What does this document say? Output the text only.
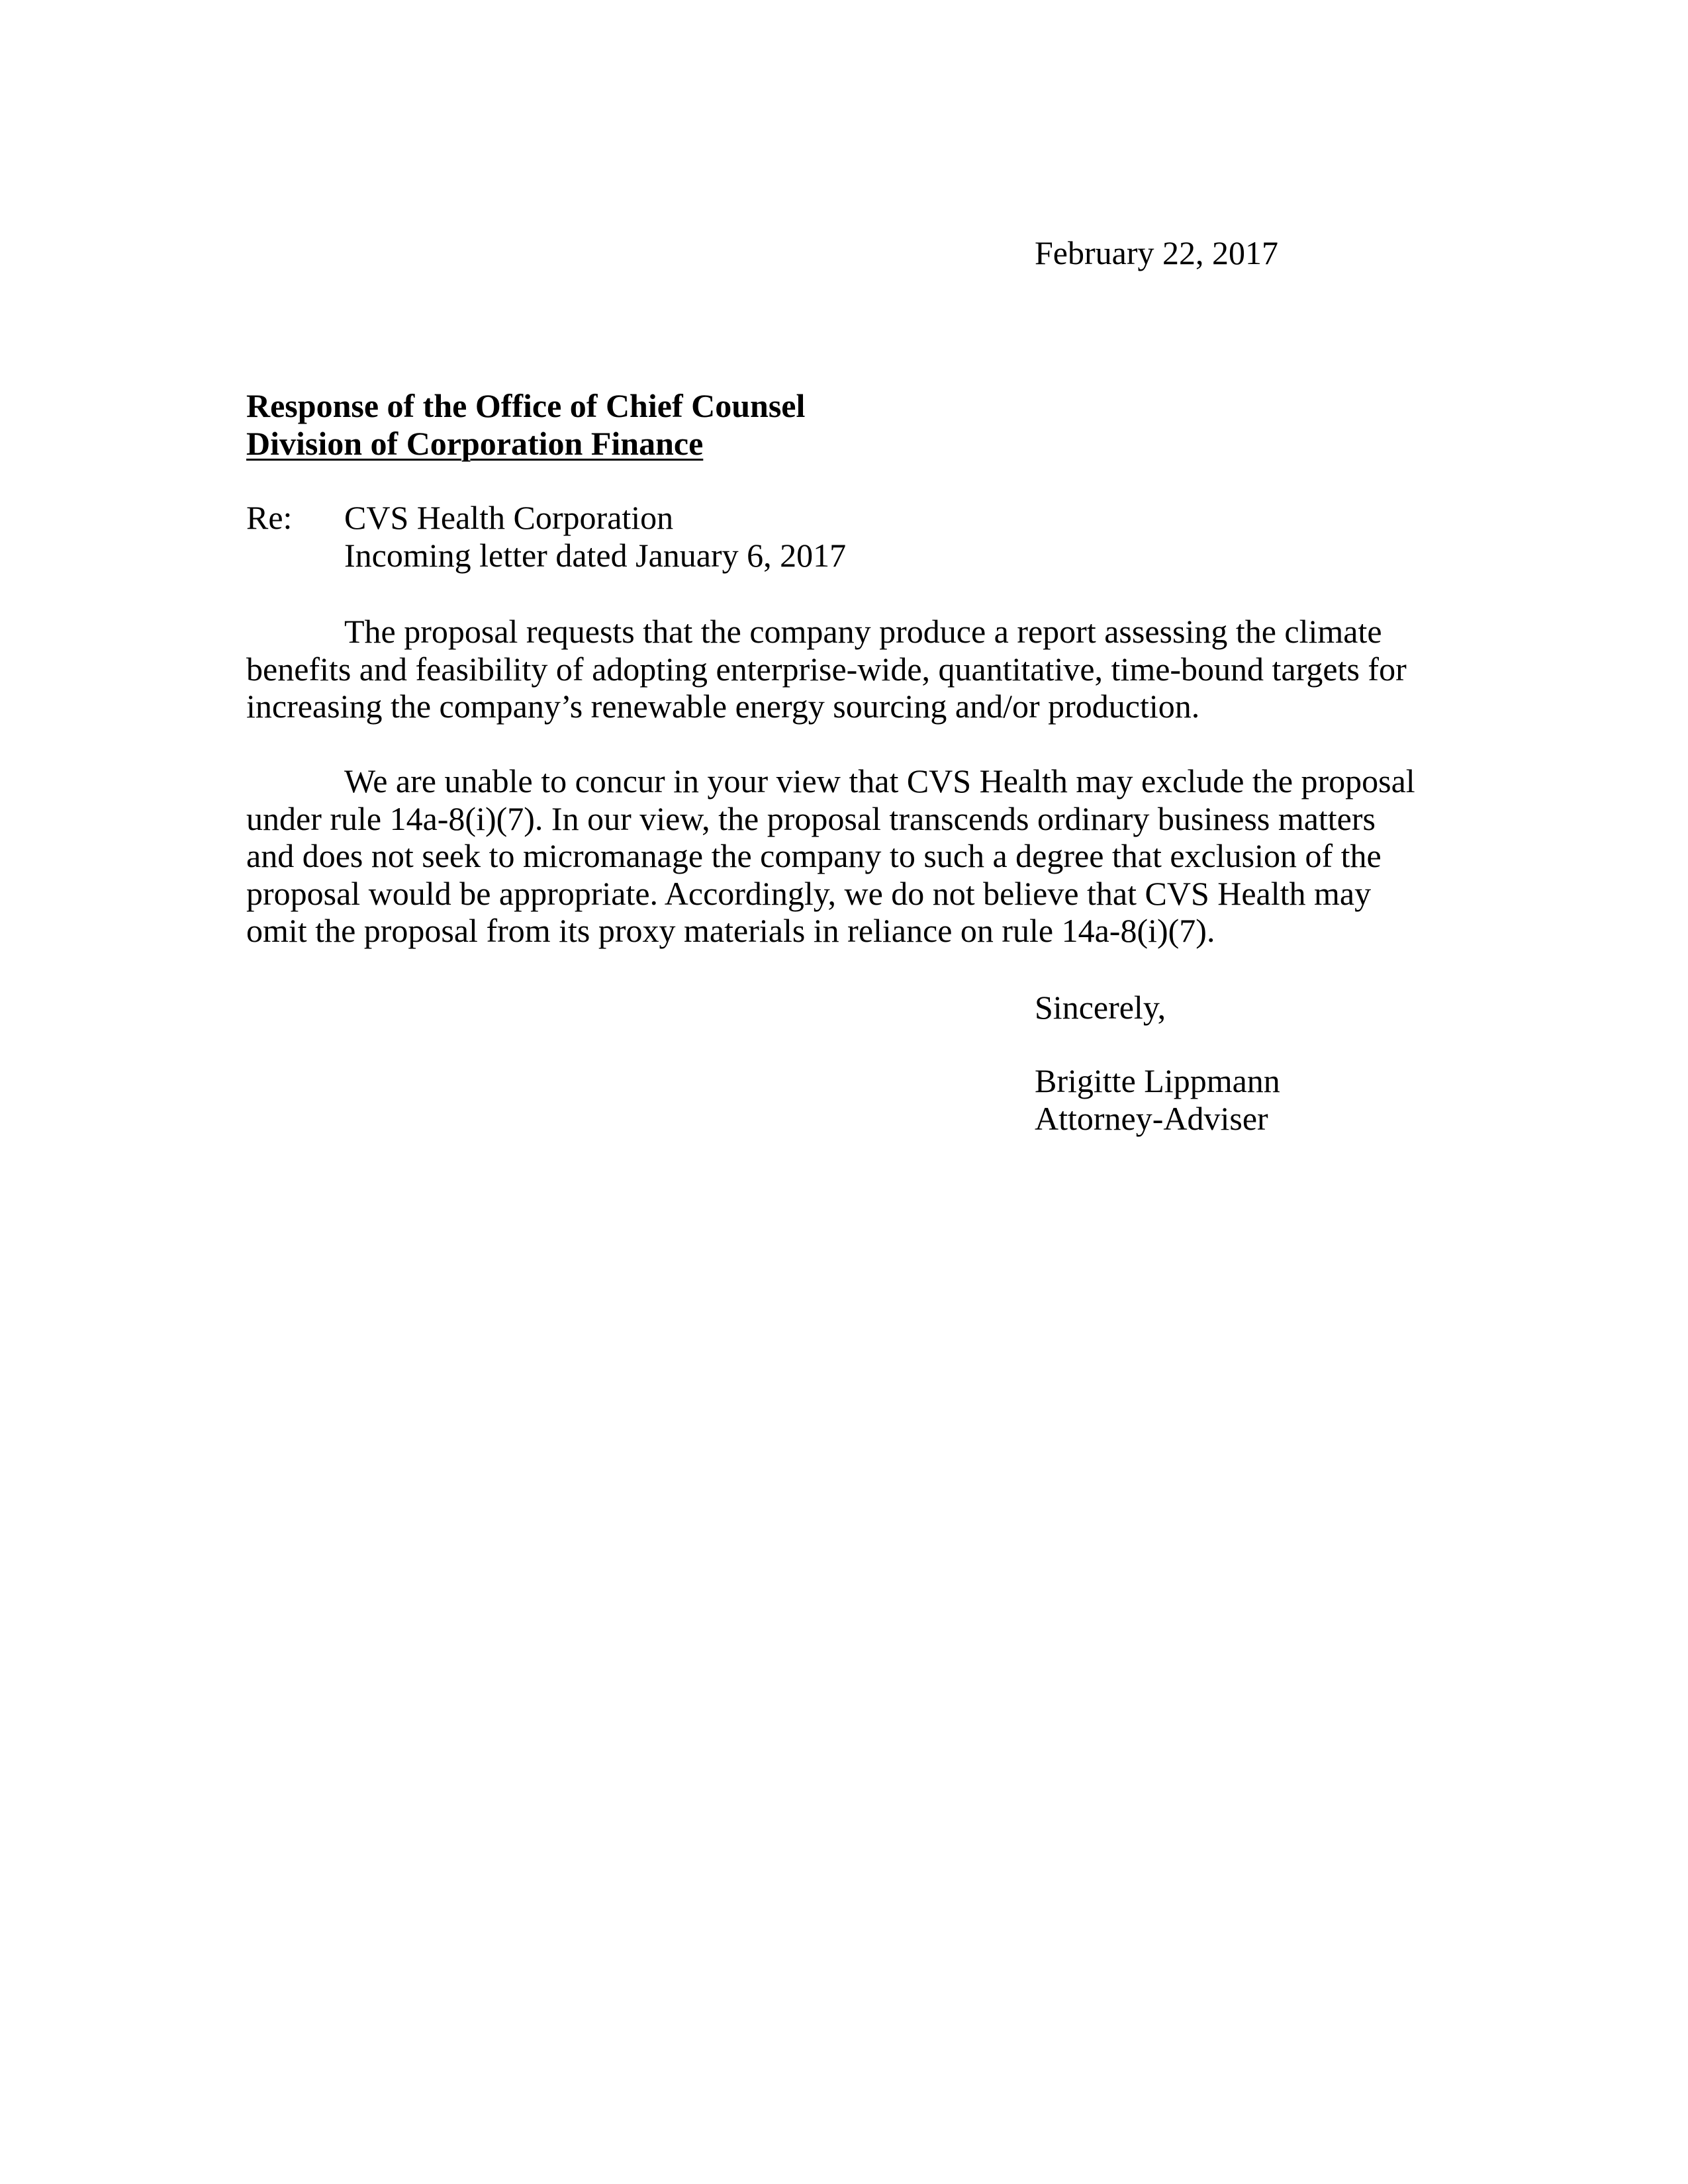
February 22, 2017
Response of the Office of Chief Counsel
Division of Corporation Finance
Re: CVS Health Corporation
Incoming letter dated January 6, 2017
The proposal requests that the company produce a report assessing the climate
benefits and feasibility of adopting enterprise-wide, quantitative, time-bound targets for
increasing the company’s renewable energy sourcing and/or production.
We are unable to concur in your view that CVS Health may exclude the proposal
under rule 14a-8(i)(7). In our view, the proposal transcends ordinary business matters
and does not seek to micromanage the company to such a degree that exclusion of the
proposal would be appropriate. Accordingly, we do not believe that CVS Health may
omit the proposal from its proxy materials in reliance on rule 14a-8(i)(7).
Sincerely,
Brigitte Lippmann
Attorney-Adviser
